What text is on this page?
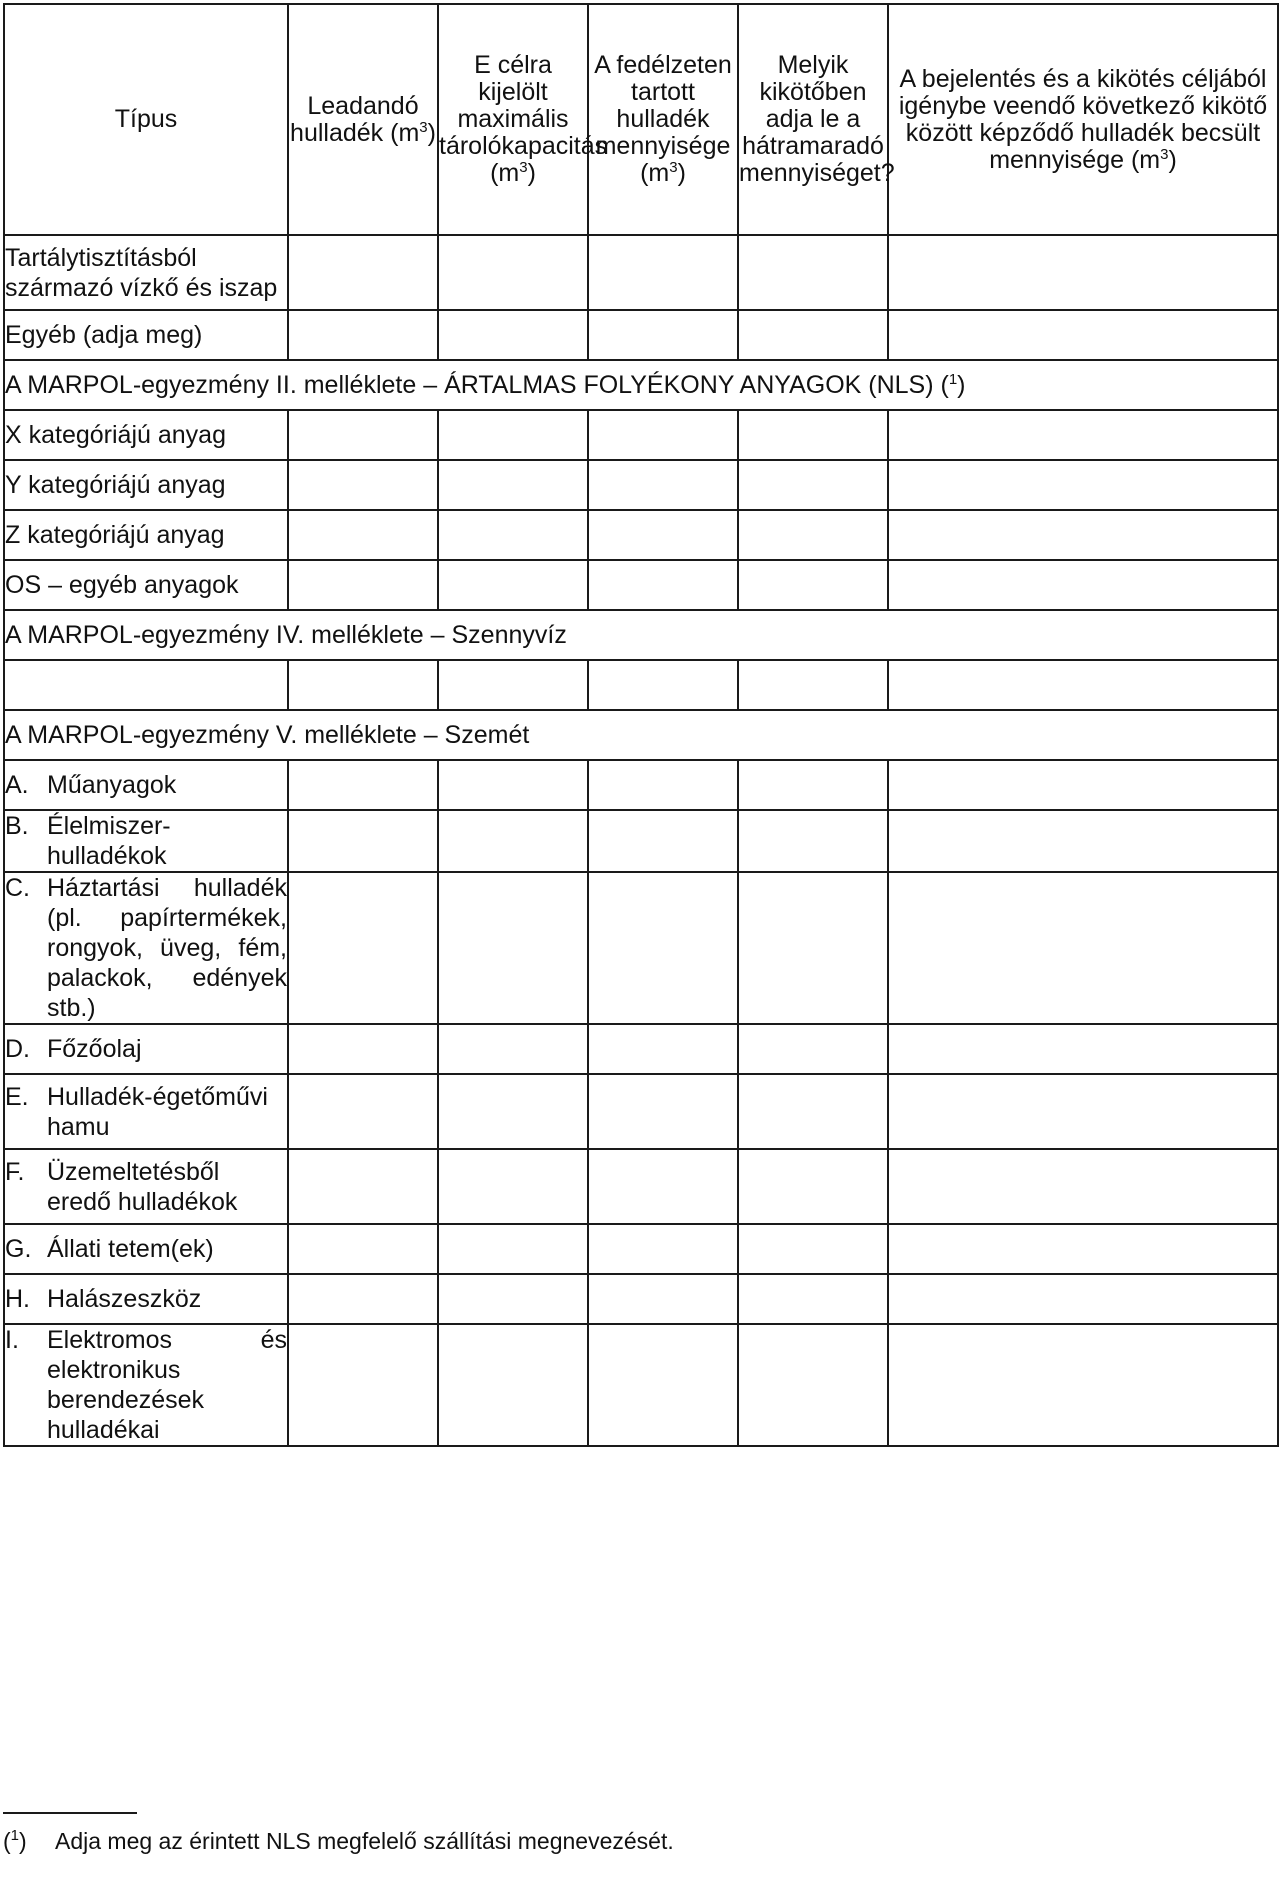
Típus	Leadandó hulladék $(m^3)$	E célra kijelölt maximális tárolókapacitás $(m^3)$	A fedélzeten tartott hulladék mennyisége $(m^3)$	Melyik kikötőben adja le a hátramaradó mennyiséget?	A bejelentés és a kikötés céljából igénybe veendő következő kikötő között képződő hulladék becsült mennyisége $(m^3)$
Tartálytisztításból származó vízkő és iszap					
Egyéb (adja meg)					
A MARPOL-egyezmény II. melléklete – ÁRTALMAS FOLYÉKONY ANYAGOK (NLS) ($^1$)					
X kategóriájú anyag					
Y kategóriájú anyag					
Z kategóriájú anyag					
OS – egyéb anyagok					
A MARPOL-egyezmény IV. melléklete – Szennyvíz					

A MARPOL-egyezmény V. melléklete – Szemét					

A. Műanyagok					

B. Élelmiszer-hulladékok					

C. Háztartási hulladék (pl. papírtermékek, rongyok, üveg, fém, palackok, edények stb.)					

D. Főzőolaj					

E. Hulladék-égetőművi hamu					

F. Üzemeltetésből eredő hulladékok					

G. Állati tetem(ek)					

H. Halászeszköz					

I. Elektromos és elektronikus berendezések hulladékai					

($^1$) Adja meg az érintett NLS megfelelő szállítási megnevezését.
